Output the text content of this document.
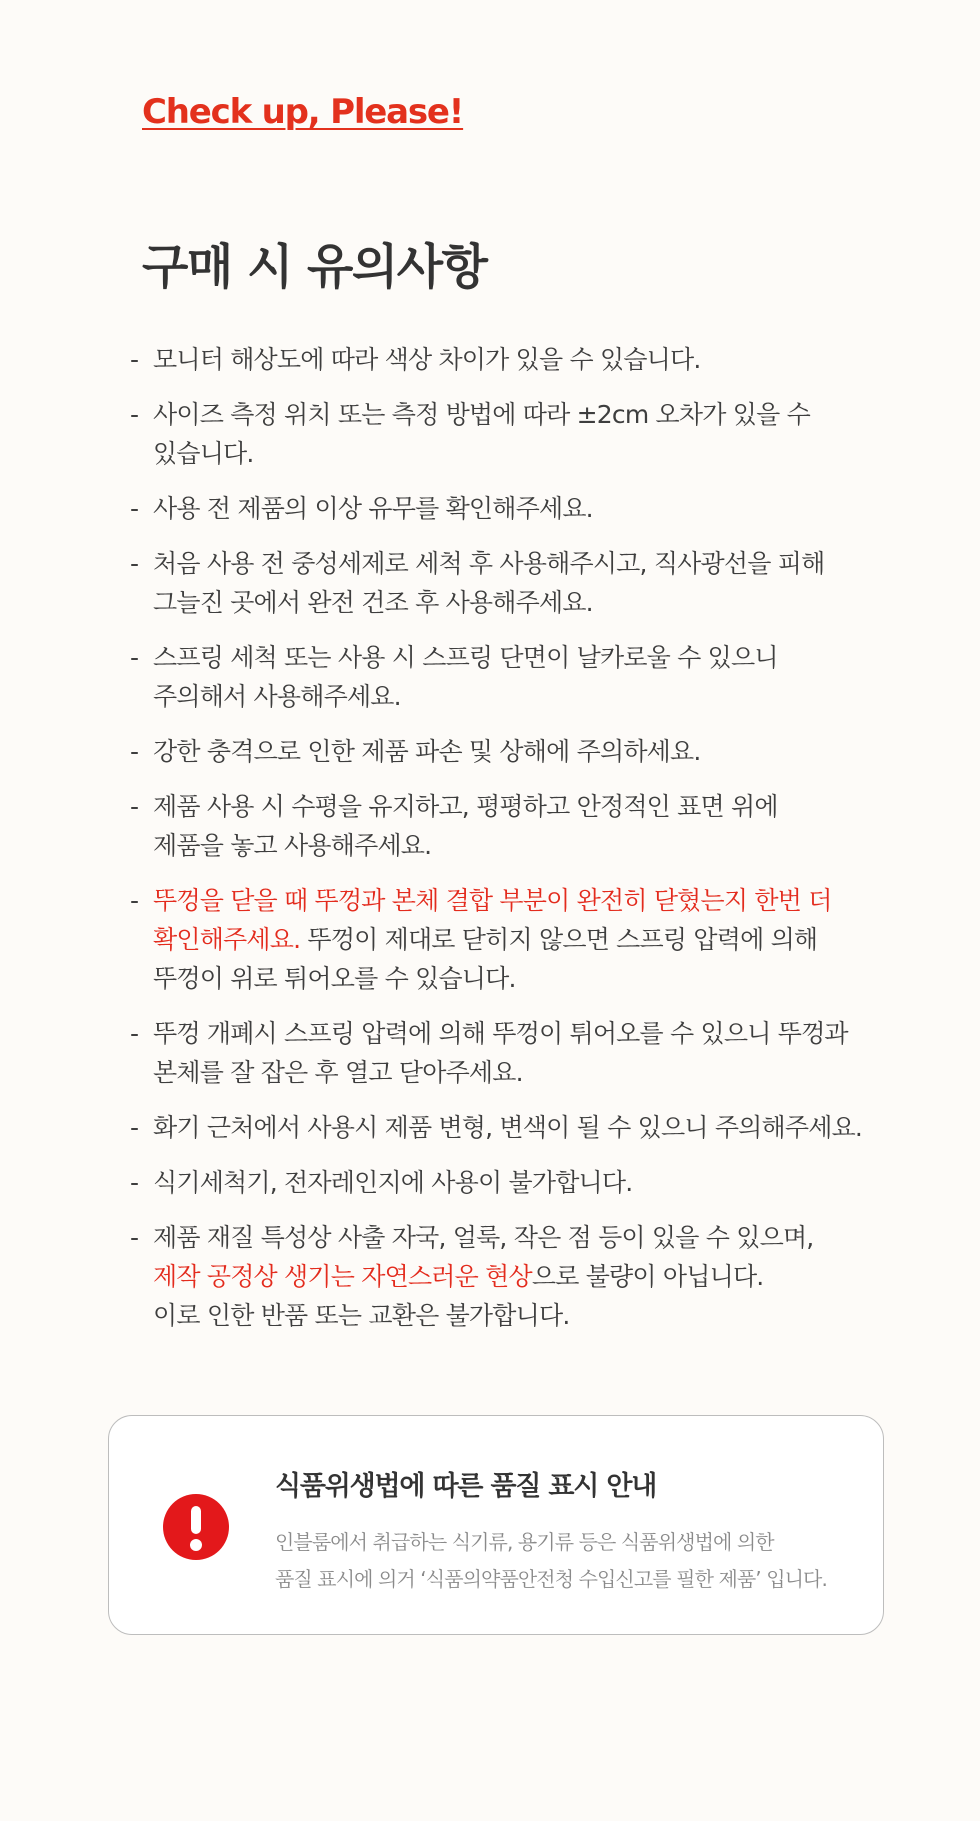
Check up, Please!
구매 시 유의사항
- 모니터 해상도에 따라 색상 차이가 있을 수 있습니다.
- 사이즈 측정 위치 또는 측정 방법에 따라 ±2cm 오차가 있을 수
있습니다.
- 사용 전 제품의 이상 유무를 확인해주세요.
- 처음 사용 전 중성세제로 세척 후 사용해주시고, 직사광선을 피해
그늘진 곳에서 완전 건조 후 사용해주세요.
- 스프링 세척 또는 사용 시 스프링 단면이 날카로울 수 있으니
주의해서 사용해주세요.
- 강한 충격으로 인한 제품 파손 및 상해에 주의하세요.
- 제품 사용 시 수평을 유지하고, 평평하고 안정적인 표면 위에
제품을 놓고 사용해주세요.
- 뚜껑을 닫을 때 뚜껑과 본체 결합 부분이 완전히 닫혔는지 한번 더
확인해주세요. 뚜껑이 제대로 닫히지 않으면 스프링 압력에 의해
뚜껑이 위로 튀어오를 수 있습니다.
- 뚜껑 개폐시 스프링 압력에 의해 뚜껑이 튀어오를 수 있으니 뚜껑과
본체를 잘 잡은 후 열고 닫아주세요.
- 화기 근처에서 사용시 제품 변형, 변색이 될 수 있으니 주의해주세요.
- 식기세척기, 전자레인지에 사용이 불가합니다.
- 제품 재질 특성상 사출 자국, 얼룩, 작은 점 등이 있을 수 있으며,
제작 공정상 생기는 자연스러운 현상으로 불량이 아닙니다.
이로 인한 반품 또는 교환은 불가합니다.
식품위생법에 따른 품질 표시 안내
인블룸에서 취급하는 식기류, 용기류 등은 식품위생법에 의한
품질 표시에 의거 ‘식품의약품안전청 수입신고를 필한 제품’ 입니다.
